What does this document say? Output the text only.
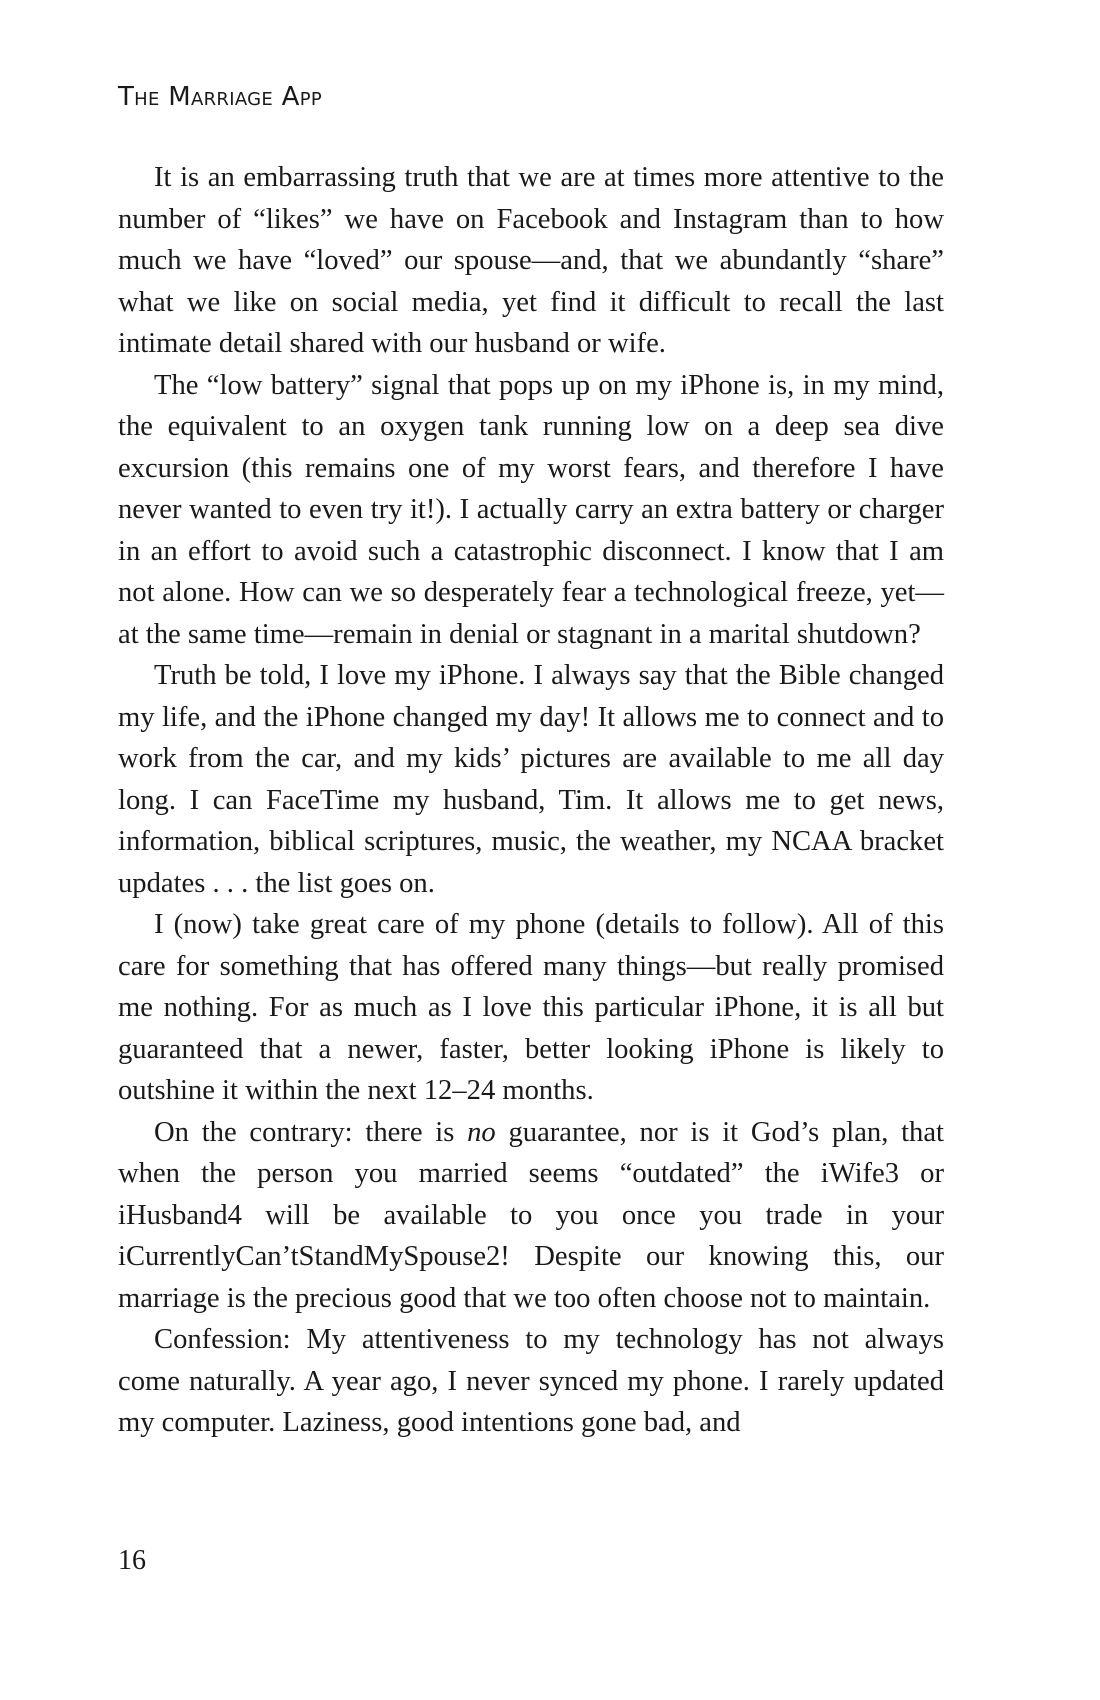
The Marriage App

It is an embarrassing truth that we are at times more attentive to the number of “likes” we have on Facebook and Instagram than to how much we have “loved” our spouse—and, that we abundantly “share” what we like on social media, yet find it difficult to recall the last intimate detail shared with our husband or wife.

The “low battery” signal that pops up on my iPhone is, in my mind, the equivalent to an oxygen tank running low on a deep sea dive excursion (this remains one of my worst fears, and therefore I have never wanted to even try it!). I actually carry an extra battery or charger in an effort to avoid such a catastrophic disconnect. I know that I am not alone. How can we so desperately fear a technological freeze, yet—at the same time—remain in denial or stagnant in a marital shutdown?

Truth be told, I love my iPhone. I always say that the Bible changed my life, and the iPhone changed my day! It allows me to connect and to work from the car, and my kids’ pictures are available to me all day long. I can FaceTime my husband, Tim. It allows me to get news, information, biblical scriptures, music, the weather, my NCAA bracket updates . . . the list goes on.

I (now) take great care of my phone (details to follow). All of this care for something that has offered many things—but really promised me nothing. For as much as I love this particular iPhone, it is all but guaranteed that a newer, faster, better looking iPhone is likely to outshine it within the next 12–24 months.

On the contrary: there is no guarantee, nor is it God’s plan, that when the person you married seems “outdated” the iWife3 or iHusband4 will be available to you once you trade in your iCurrentlyCan’tStandMySpouse2! Despite our knowing this, our marriage is the precious good that we too often choose not to maintain.

Confession: My attentiveness to my technology has not always come naturally. A year ago, I never synced my phone. I rarely updated my computer. Laziness, good intentions gone bad, and

16
